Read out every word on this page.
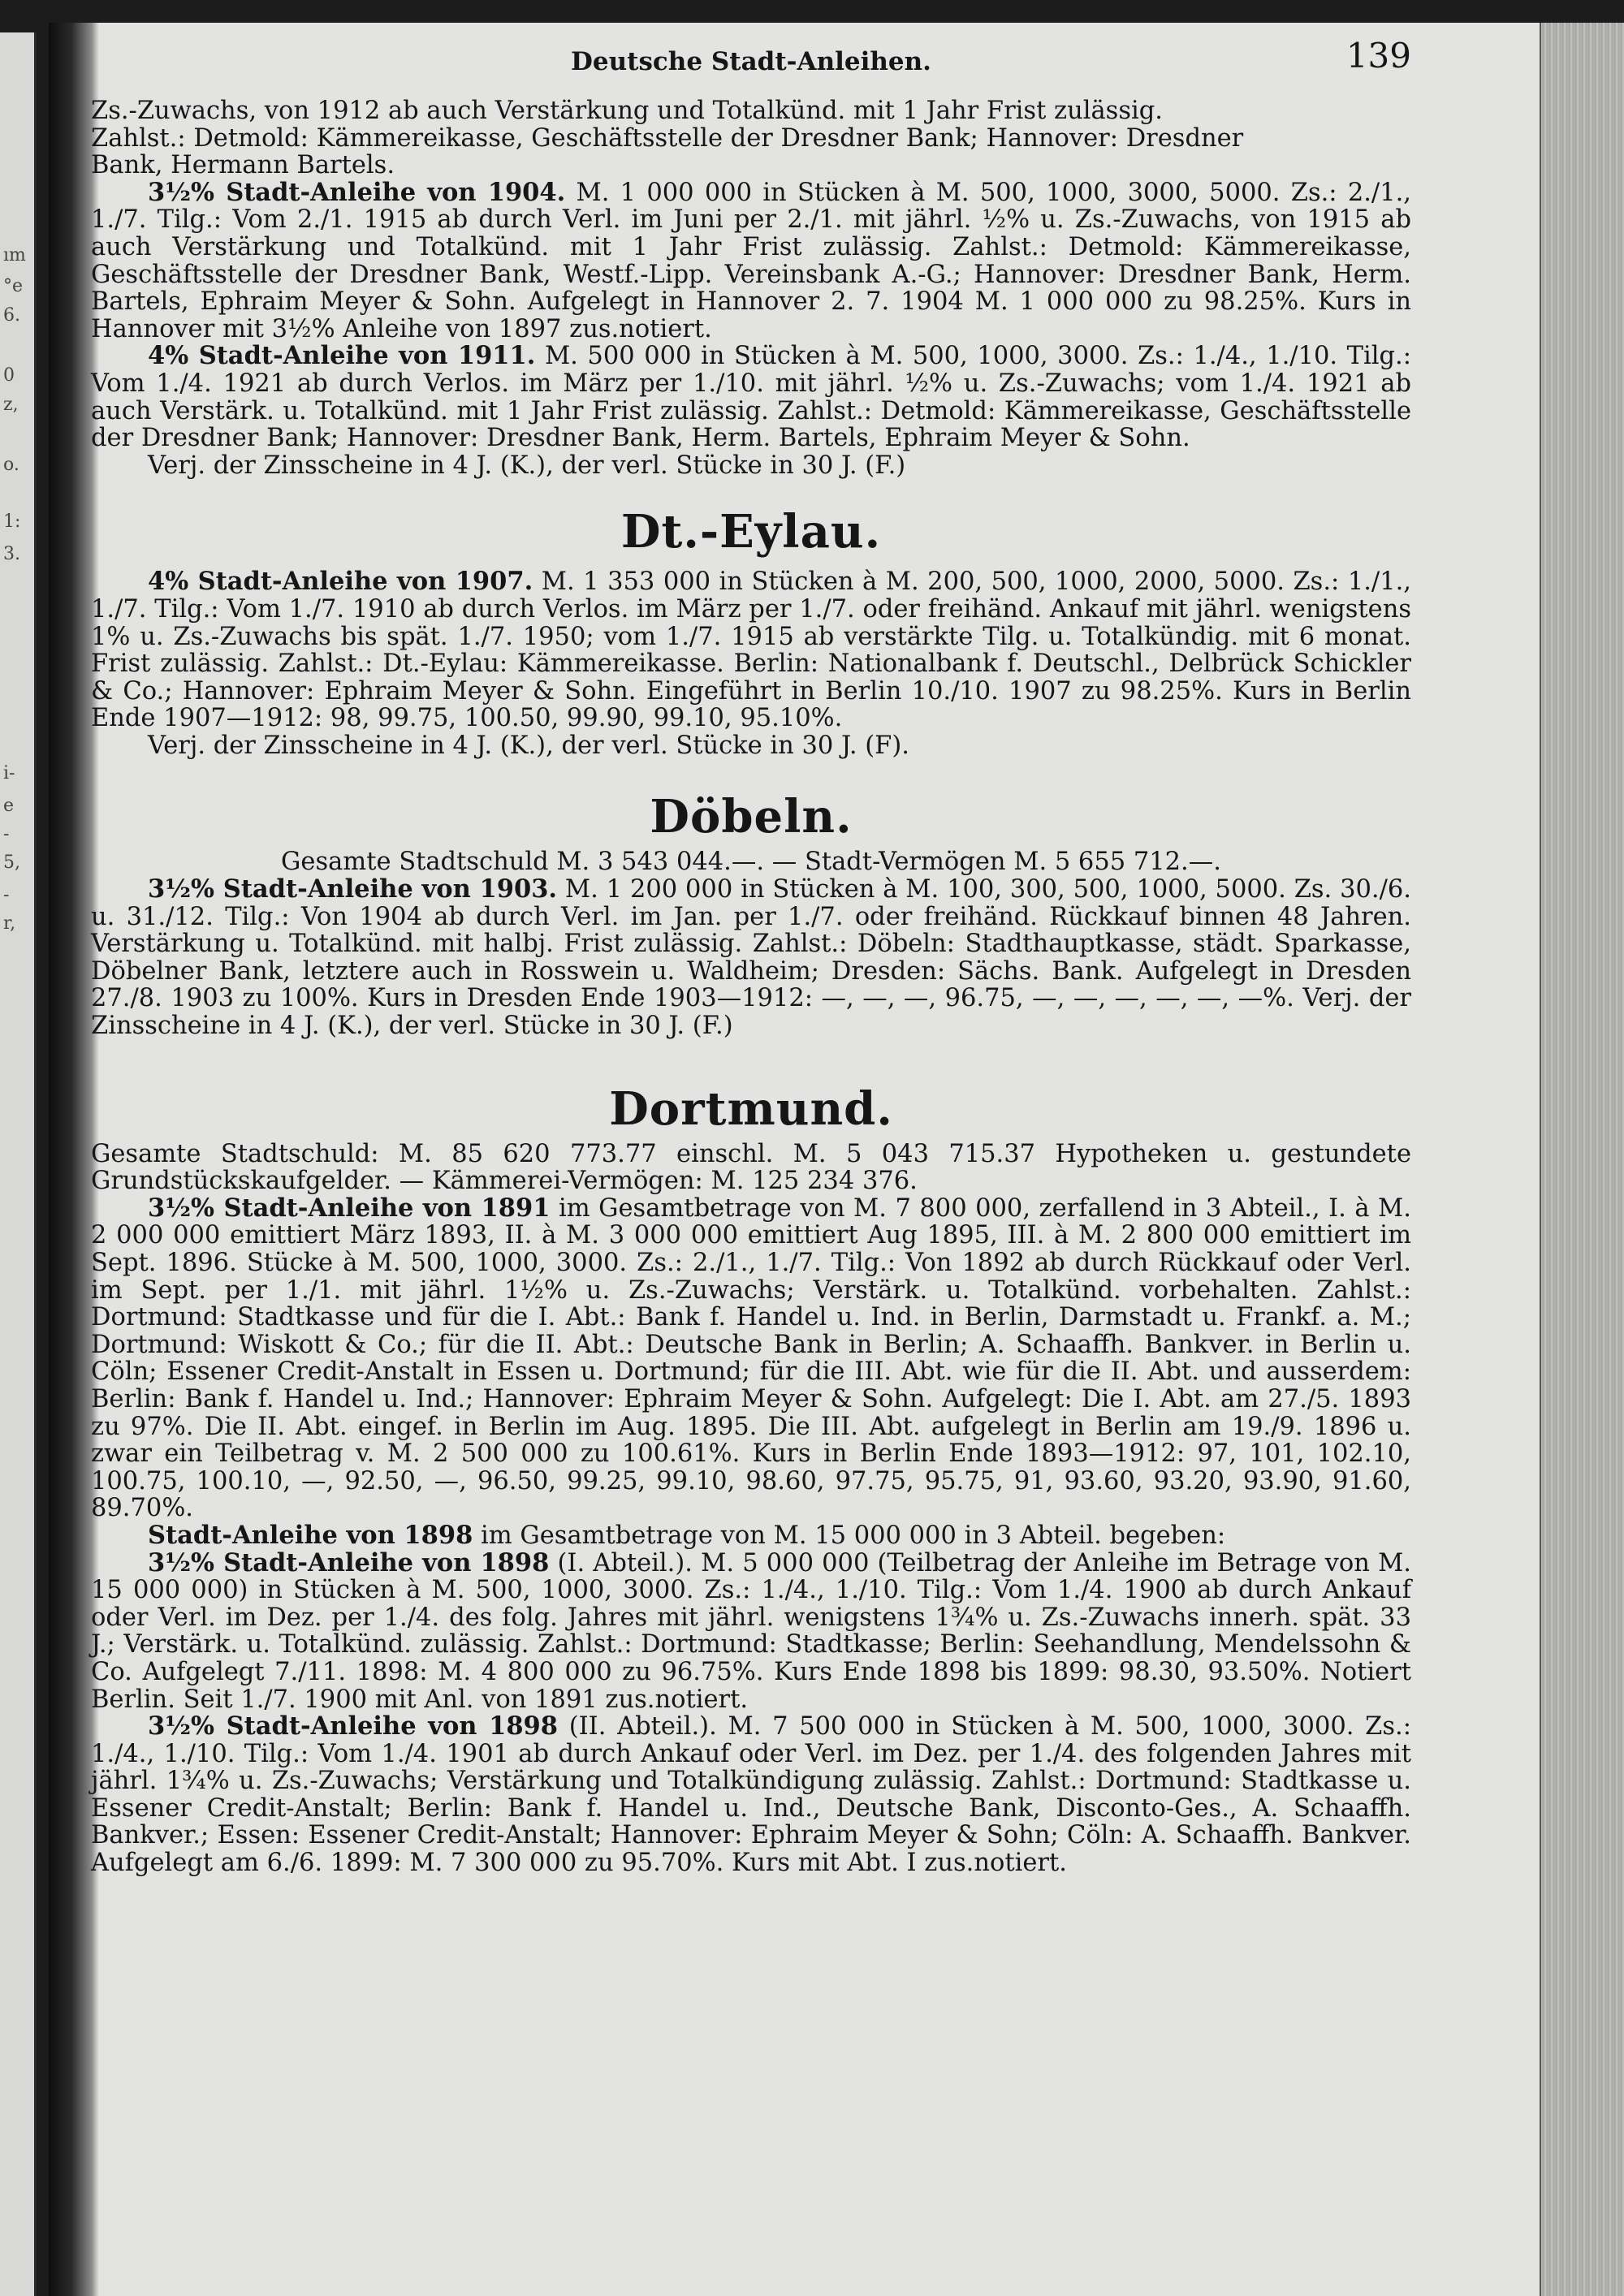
ım
°e
6.
0
z,
o.
1:
3.
i-
e
-
5,
-
r,
Deutsche Stadt-Anleihen.	139

Zs.-Zuwachs, von 1912 ab auch Verstärkung und Totalkünd. mit 1 Jahr Frist zulässig.

Zahlst.: Detmold: Kämmereikasse, Geschäftsstelle der Dresdner Bank; Hannover: Dresdner

Bank, Hermann Bartels.

3½% Stadt-Anleihe von 1904. M. 1 000 000 in Stücken à M. 500, 1000, 3000, 5000. Zs.: 2./1., 1./7. Tilg.: Vom 2./1. 1915 ab durch Verl. im Juni per 2./1. mit jährl. ½% u. Zs.-Zuwachs, von 1915 ab auch Verstärkung und Totalkünd. mit 1 Jahr Frist zulässig. Zahlst.: Detmold: Kämmereikasse, Geschäftsstelle der Dresdner Bank, Westf.-Lipp. Vereinsbank A.-G.; Hannover: Dresdner Bank, Herm. Bartels, Ephraim Meyer & Sohn. Aufgelegt in Hannover 2. 7. 1904 M. 1 000 000 zu 98.25%. Kurs in Hannover mit 3½% Anleihe von 1897 zus.notiert.

4% Stadt-Anleihe von 1911. M. 500 000 in Stücken à M. 500, 1000, 3000. Zs.: 1./4., 1./10. Tilg.: Vom 1./4. 1921 ab durch Verlos. im März per 1./10. mit jährl. ½% u. Zs.-Zuwachs; vom 1./4. 1921 ab auch Verstärk. u. Totalkünd. mit 1 Jahr Frist zulässig. Zahlst.: Detmold: Kämmereikasse, Geschäftsstelle der Dresdner Bank; Hannover: Dresdner Bank, Herm. Bartels, Ephraim Meyer & Sohn.

Verj. der Zinsscheine in 4 J. (K.), der verl. Stücke in 30 J. (F.)

Dt.-Eylau.

4% Stadt-Anleihe von 1907. M. 1 353 000 in Stücken à M. 200, 500, 1000, 2000, 5000. Zs.: 1./1., 1./7. Tilg.: Vom 1./7. 1910 ab durch Verlos. im März per 1./7. oder freihänd. Ankauf mit jährl. wenigstens 1% u. Zs.-Zuwachs bis spät. 1./7. 1950; vom 1./7. 1915 ab verstärkte Tilg. u. Totalkündig. mit 6 monat. Frist zulässig. Zahlst.: Dt.-Eylau: Kämmereikasse. Berlin: Nationalbank f. Deutschl., Delbrück Schickler & Co.; Hannover: Ephraim Meyer & Sohn. Eingeführt in Berlin 10./10. 1907 zu 98.25%. Kurs in Berlin Ende 1907—1912: 98, 99.75, 100.50, 99.90, 99.10, 95.10%.

Verj. der Zinsscheine in 4 J. (K.), der verl. Stücke in 30 J. (F).

Döbeln.

Gesamte Stadtschuld M. 3 543 044.—. — Stadt-Vermögen M. 5 655 712.—.

3½% Stadt-Anleihe von 1903. M. 1 200 000 in Stücken à M. 100, 300, 500, 1000, 5000. Zs. 30./6. u. 31./12. Tilg.: Von 1904 ab durch Verl. im Jan. per 1./7. oder freihänd. Rückkauf binnen 48 Jahren. Verstärkung u. Totalkünd. mit halbj. Frist zulässig. Zahlst.: Döbeln: Stadthauptkasse, städt. Sparkasse, Döbelner Bank, letztere auch in Rosswein u. Waldheim; Dresden: Sächs. Bank. Aufgelegt in Dresden 27./8. 1903 zu 100%. Kurs in Dresden Ende 1903—1912: —, —, —, 96.75, —, —, —, —, —, —%. Verj. der Zinsscheine in 4 J. (K.), der verl. Stücke in 30 J. (F.)

Dortmund.

Gesamte Stadtschuld: M. 85 620 773.77 einschl. M. 5 043 715.37 Hypotheken u. gestundete Grundstückskaufgelder. — Kämmerei-Vermögen: M. 125 234 376.

3½% Stadt-Anleihe von 1891 im Gesamtbetrage von M. 7 800 000, zerfallend in 3 Abteil., I. à M. 2 000 000 emittiert März 1893, II. à M. 3 000 000 emittiert Aug 1895, III. à M. 2 800 000 emittiert im Sept. 1896. Stücke à M. 500, 1000, 3000. Zs.: 2./1., 1./7. Tilg.: Von 1892 ab durch Rückkauf oder Verl. im Sept. per 1./1. mit jährl. 1½% u. Zs.-Zuwachs; Verstärk. u. Totalkünd. vorbehalten. Zahlst.: Dortmund: Stadtkasse und für die I. Abt.: Bank f. Handel u. Ind. in Berlin, Darmstadt u. Frankf. a. M.; Dortmund: Wiskott & Co.; für die II. Abt.: Deutsche Bank in Berlin; A. Schaaffh. Bankver. in Berlin u. Cöln; Essener Credit-Anstalt in Essen u. Dortmund; für die III. Abt. wie für die II. Abt. und ausserdem: Berlin: Bank f. Handel u. Ind.; Hannover: Ephraim Meyer & Sohn. Aufgelegt: Die I. Abt. am 27./5. 1893 zu 97%. Die II. Abt. eingef. in Berlin im Aug. 1895. Die III. Abt. aufgelegt in Berlin am 19./9. 1896 u. zwar ein Teilbetrag v. M. 2 500 000 zu 100.61%. Kurs in Berlin Ende 1893—1912: 97, 101, 102.10, 100.75, 100.10, —, 92.50, —, 96.50, 99.25, 99.10, 98.60, 97.75, 95.75, 91, 93.60, 93.20, 93.90, 91.60, 89.70%.

Stadt-Anleihe von 1898 im Gesamtbetrage von M. 15 000 000 in 3 Abteil. begeben:

3½% Stadt-Anleihe von 1898 (I. Abteil.). M. 5 000 000 (Teilbetrag der Anleihe im Betrage von M. 15 000 000) in Stücken à M. 500, 1000, 3000. Zs.: 1./4., 1./10. Tilg.: Vom 1./4. 1900 ab durch Ankauf oder Verl. im Dez. per 1./4. des folg. Jahres mit jährl. wenigstens 1¾% u. Zs.-Zuwachs innerh. spät. 33 J.; Verstärk. u. Totalkünd. zulässig. Zahlst.: Dortmund: Stadtkasse; Berlin: Seehandlung, Mendelssohn & Co. Aufgelegt 7./11. 1898: M. 4 800 000 zu 96.75%. Kurs Ende 1898 bis 1899: 98.30, 93.50%. Notiert Berlin. Seit 1./7. 1900 mit Anl. von 1891 zus.notiert.

3½% Stadt-Anleihe von 1898 (II. Abteil.). M. 7 500 000 in Stücken à M. 500, 1000, 3000. Zs.: 1./4., 1./10. Tilg.: Vom 1./4. 1901 ab durch Ankauf oder Verl. im Dez. per 1./4. des folgenden Jahres mit jährl. 1¾% u. Zs.-Zuwachs; Verstärkung und Totalkündigung zulässig. Zahlst.: Dortmund: Stadtkasse u. Essener Credit-Anstalt; Berlin: Bank f. Handel u. Ind., Deutsche Bank, Disconto-Ges., A. Schaaffh. Bankver.; Essen: Essener Credit-Anstalt; Hannover: Ephraim Meyer & Sohn; Cöln: A. Schaaffh. Bankver. Aufgelegt am 6./6. 1899: M. 7 300 000 zu 95.70%. Kurs mit Abt. I zus.notiert.
